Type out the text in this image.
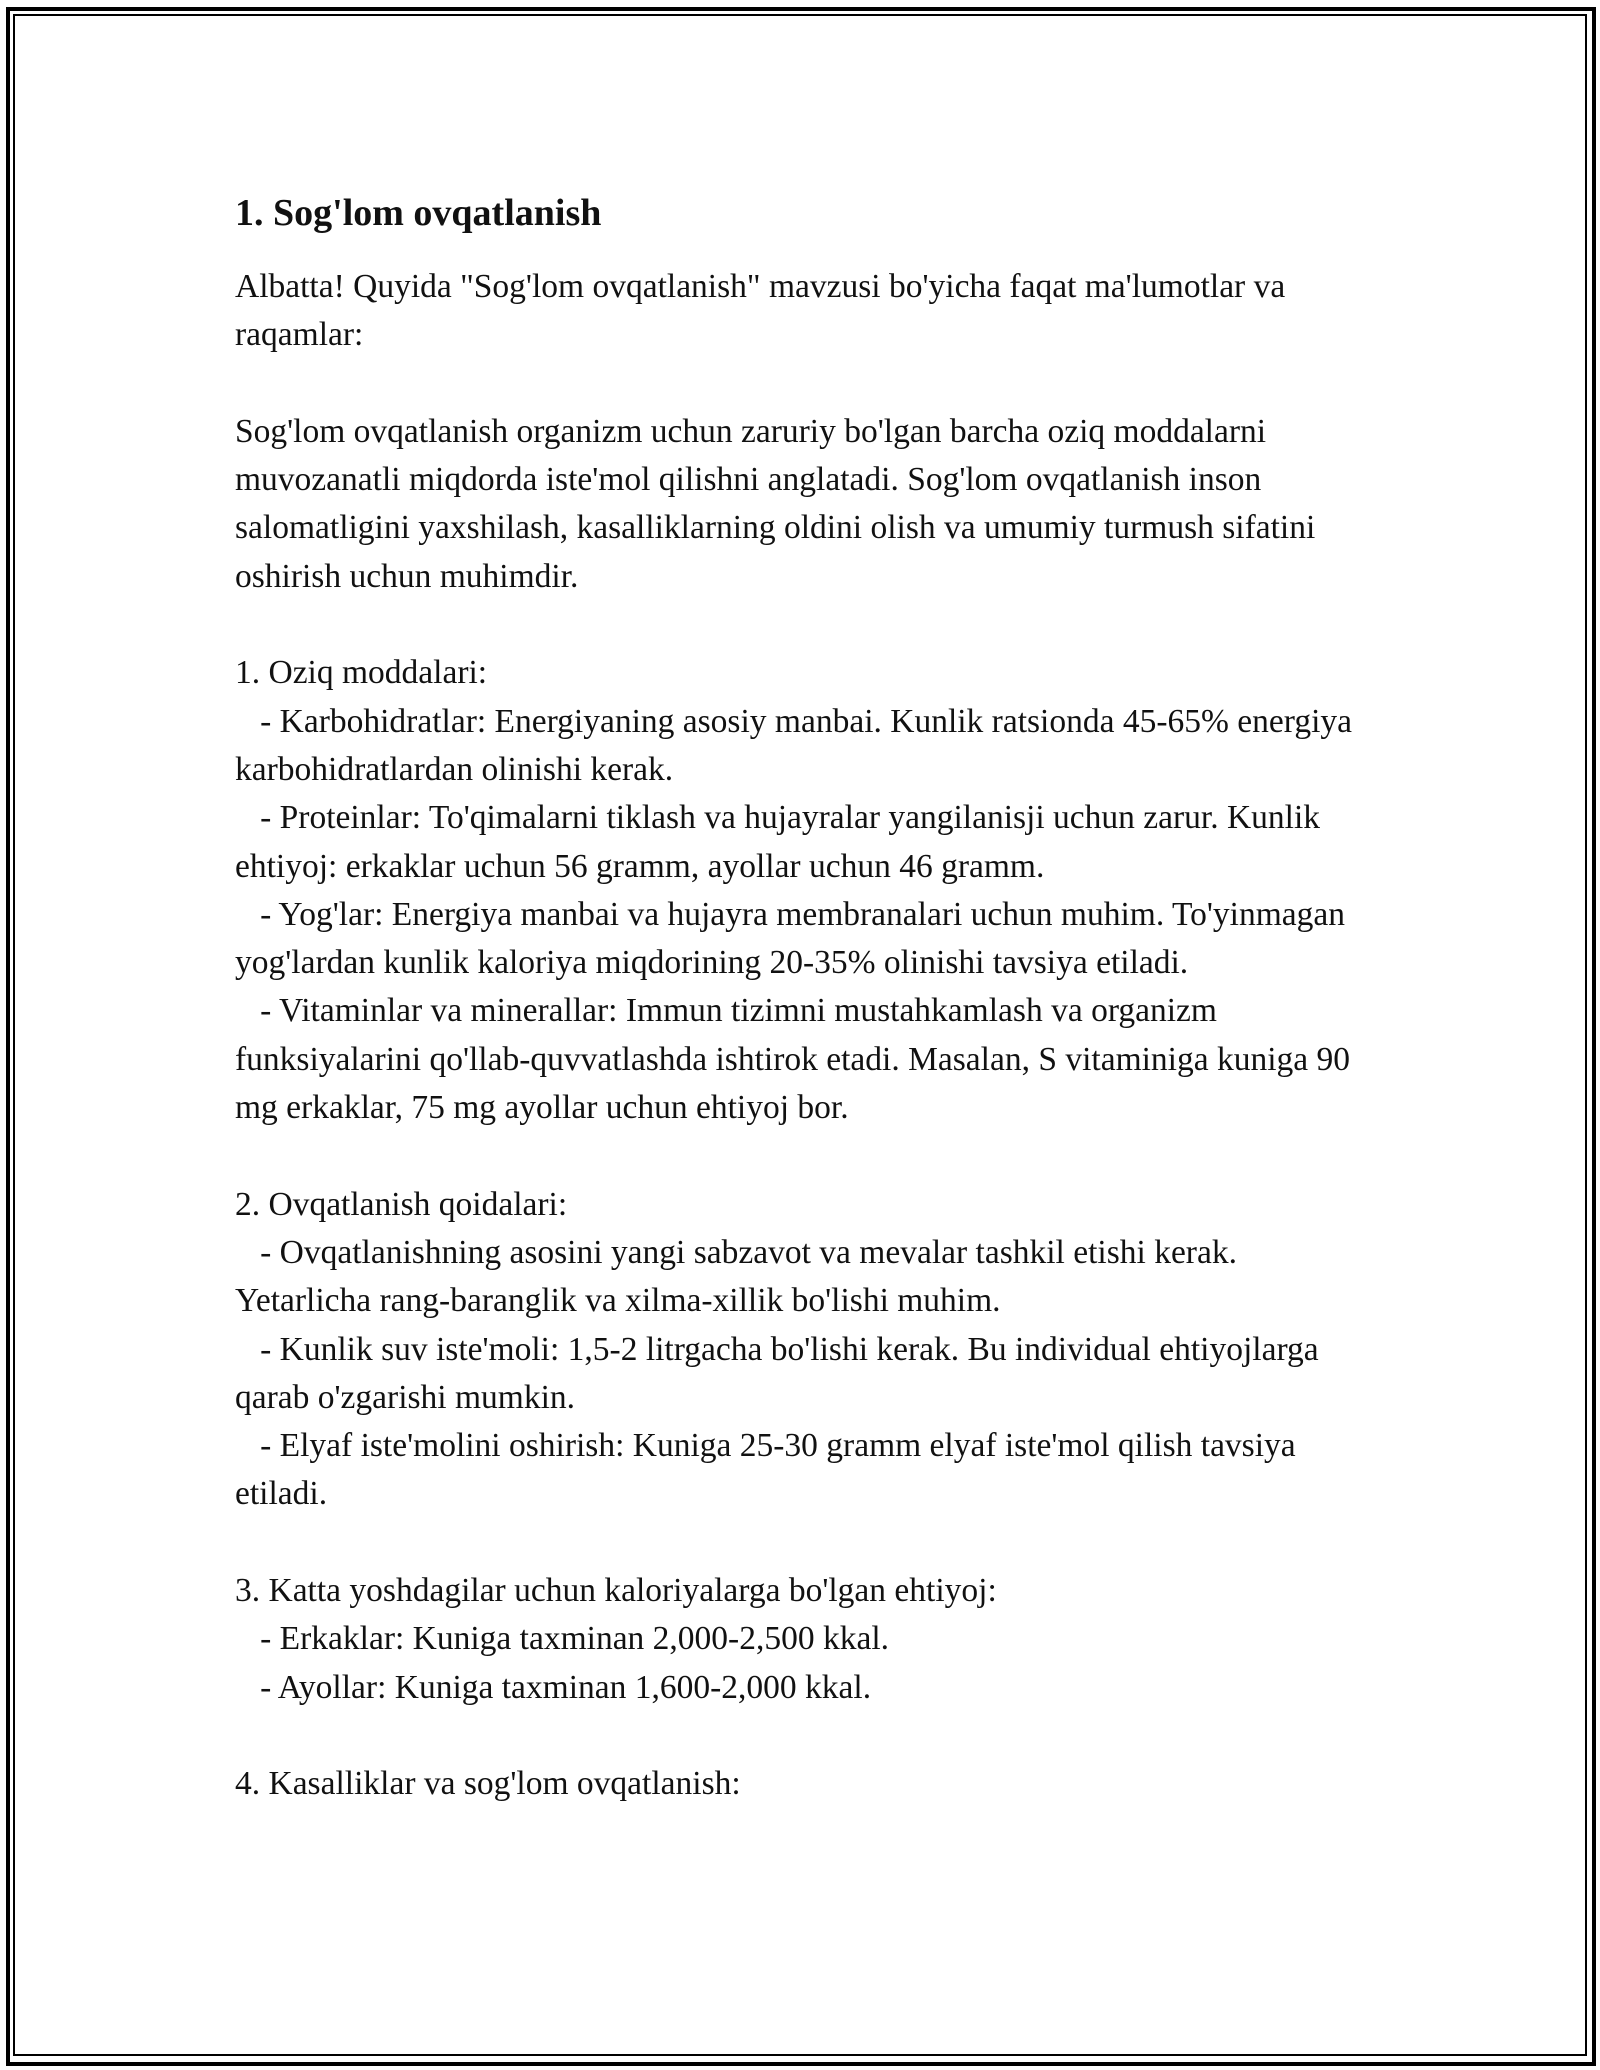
1. Sog'lom ovqatlanish

Albatta! Quyida "Sog'lom ovqatlanish" mavzusi bo'yicha faqat ma'lumotlar va raqamlar:

Sog'lom ovqatlanish organizm uchun zaruriy bo'lgan barcha oziq moddalarni muvozanatli miqdorda iste'mol qilishni anglatadi. Sog'lom ovqatlanish inson salomatligini yaxshilash, kasalliklarning oldini olish va umumiy turmush sifatini oshirish uchun muhimdir.

1. Oziq moddalari:

- Karbohidratlar: Energiyaning asosiy manbai. Kunlik ratsionda 45-65% energiya karbohidratlardan olinishi kerak.

- Proteinlar: To'qimalarni tiklash va hujayralar yangilanisji uchun zarur. Kunlik ehtiyoj: erkaklar uchun 56 gramm, ayollar uchun 46 gramm.

- Yog'lar: Energiya manbai va hujayra membranalari uchun muhim. To'yinmagan yog'lardan kunlik kaloriya miqdorining 20-35% olinishi tavsiya etiladi.

- Vitaminlar va minerallar: Immun tizimni mustahkamlash va organizm funksiyalarini qo'llab-quvvatlashda ishtirok etadi. Masalan, S vitaminiga kuniga 90 mg erkaklar, 75 mg ayollar uchun ehtiyoj bor.

2. Ovqatlanish qoidalari:

- Ovqatlanishning asosini yangi sabzavot va mevalar tashkil etishi kerak. Yetarlicha rang-baranglik va xilma-xillik bo'lishi muhim.

- Kunlik suv iste'moli: 1,5-2 litrgacha bo'lishi kerak. Bu individual ehtiyojlarga qarab o'zgarishi mumkin.

- Elyaf iste'molini oshirish: Kuniga 25-30 gramm elyaf iste'mol qilish tavsiya etiladi.

3. Katta yoshdagilar uchun kaloriyalarga bo'lgan ehtiyoj:

- Erkaklar: Kuniga taxminan 2,000-2,500 kkal.

- Ayollar: Kuniga taxminan 1,600-2,000 kkal.

4. Kasalliklar va sog'lom ovqatlanish:
